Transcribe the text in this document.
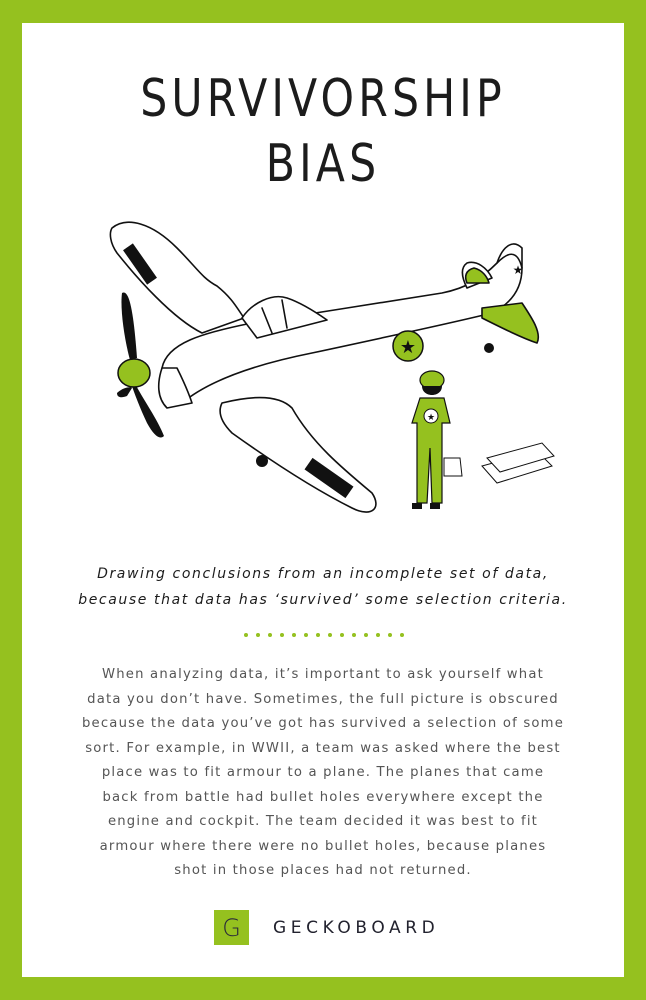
SURVIVORSHIP
BIAS
★
★
★
Drawing conclusions from an incomplete set of data,
because that data has ‘survived’ some selection criteria.
When analyzing data, it’s important to ask yourself what
data you don’t have. Sometimes, the full picture is obscured
because the data you’ve got has survived a selection of some
sort. For example, in WWII, a team was asked where the best
place was to fit armour to a plane. The planes that came
back from battle had bullet holes everywhere except the
engine and cockpit. The team decided it was best to fit
armour where there were no bullet holes, because planes
shot in those places had not returned.
G	GECKOBOARD
